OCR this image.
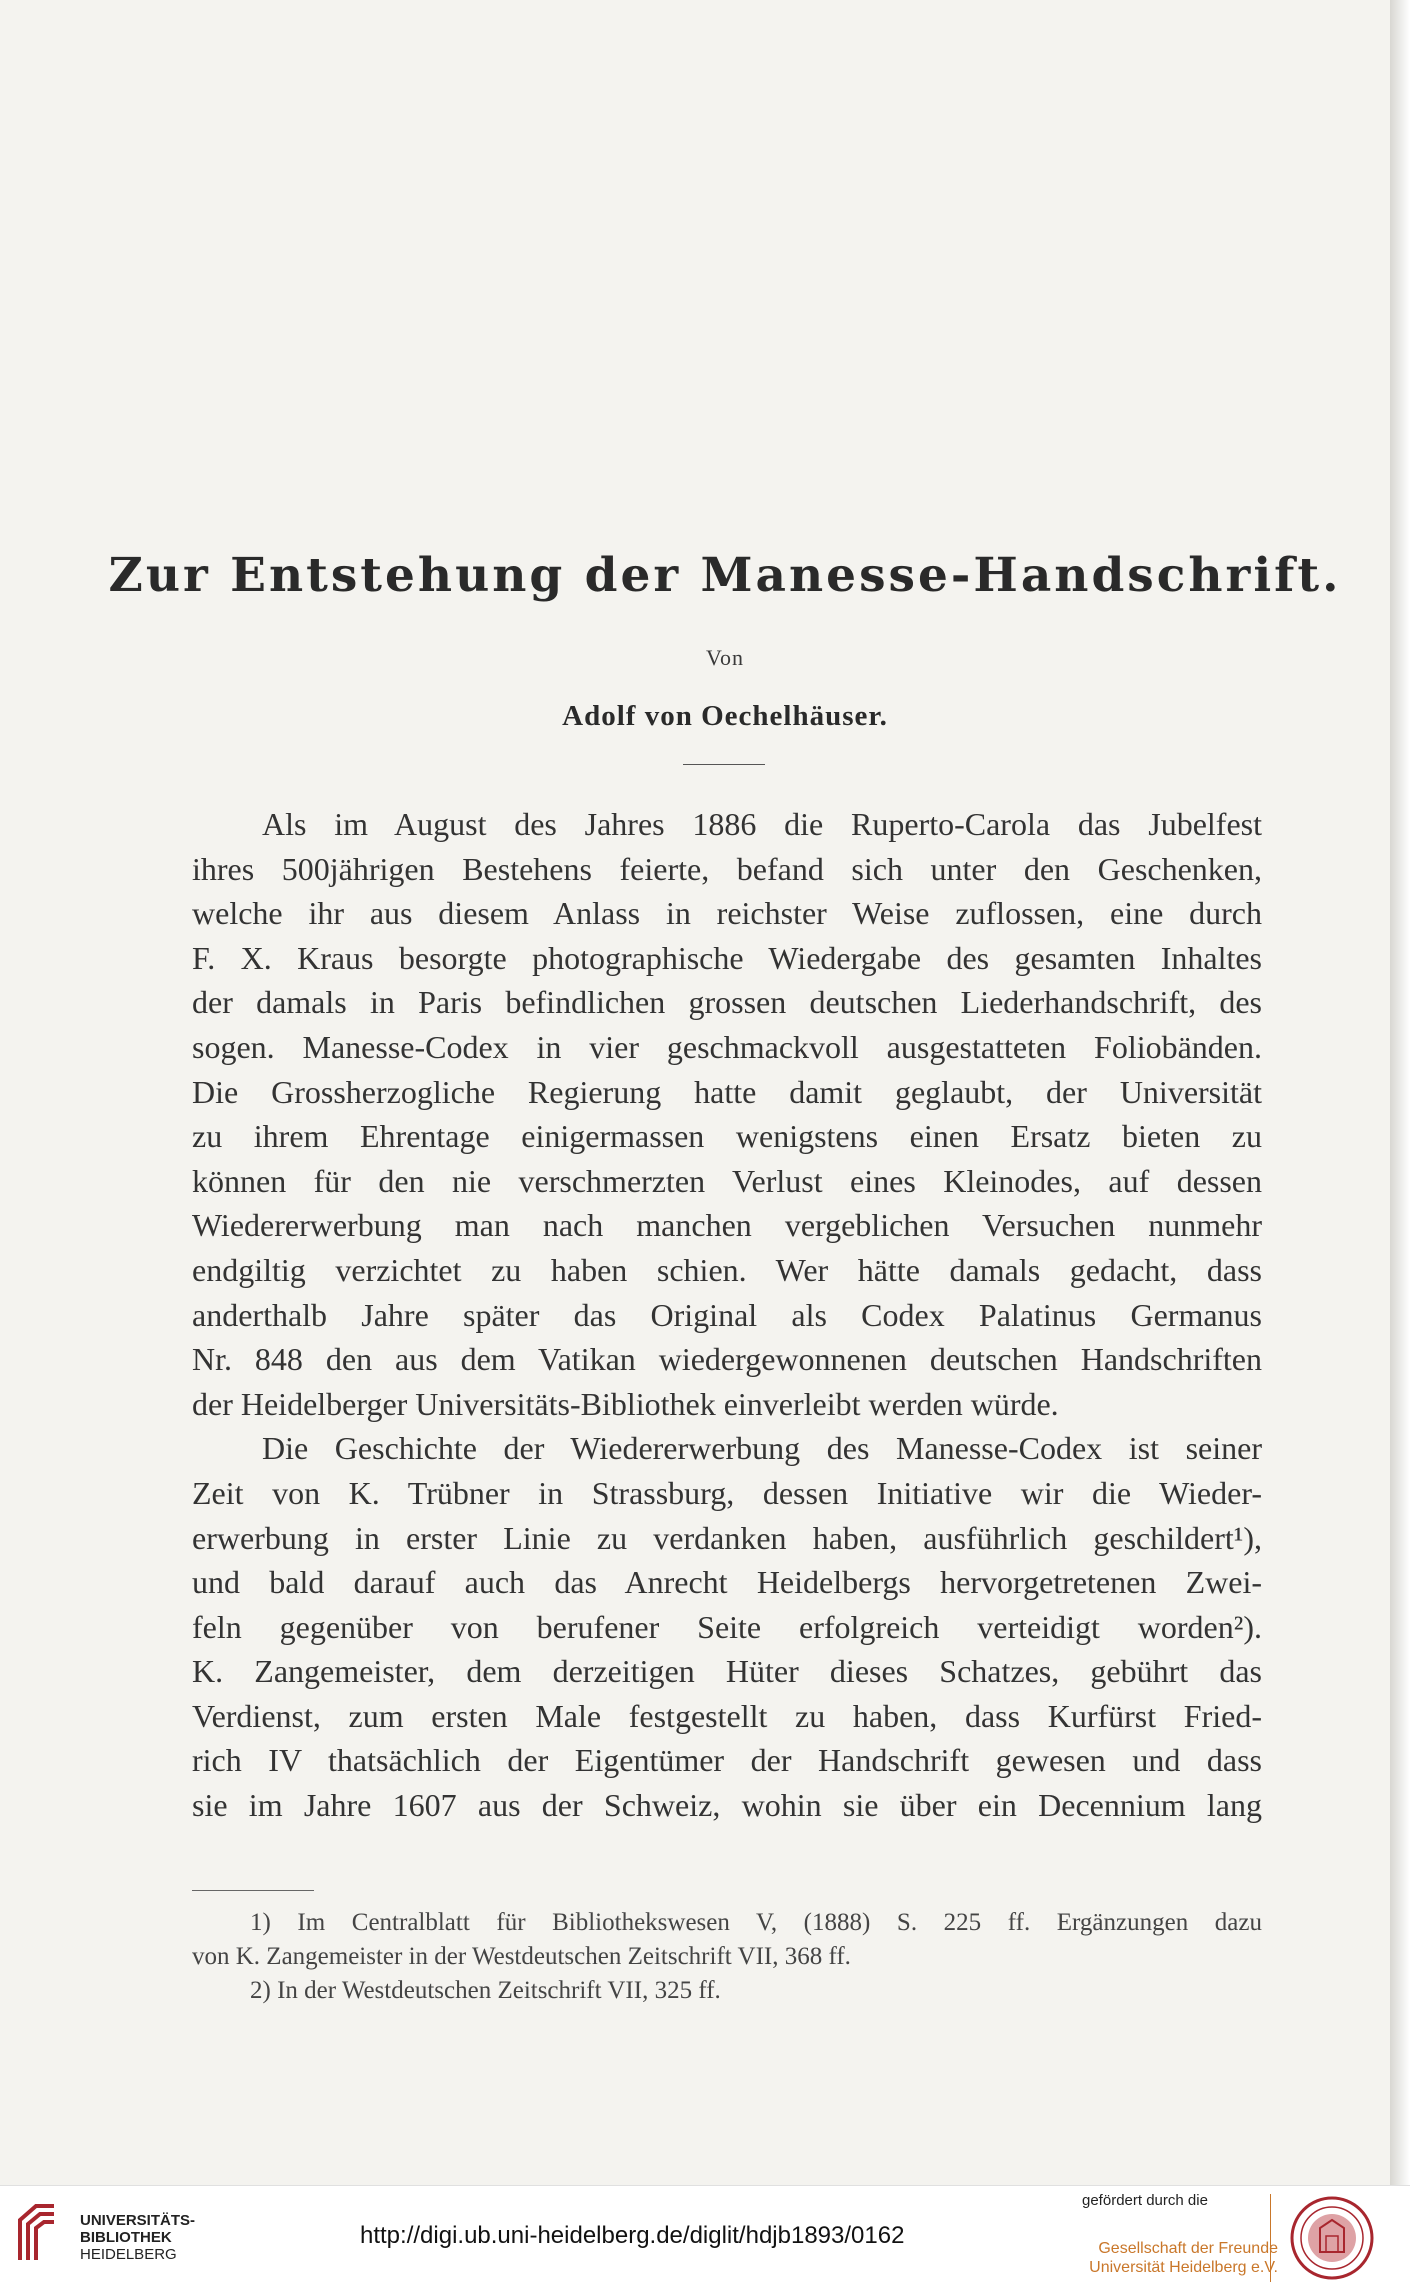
Zur Entstehung der Manesse-Handschrift.
Von
Adolf von Oechelhäuser.
Als im August des Jahres 1886 die Ruperto-Carola das Jubelfest
ihres 500jährigen Bestehens feierte, befand sich unter den Geschenken,
welche ihr aus diesem Anlass in reichster Weise zuflossen, eine durch
F. X. Kraus besorgte photographische Wiedergabe des gesamten Inhaltes
der damals in Paris befindlichen grossen deutschen Liederhandschrift, des
sogen. Manesse-Codex in vier geschmackvoll ausgestatteten Foliobänden.
Die Grossherzogliche Regierung hatte damit geglaubt, der Universität
zu ihrem Ehrentage einigermassen wenigstens einen Ersatz bieten zu
können für den nie verschmerzten Verlust eines Kleinodes, auf dessen
Wiedererwerbung man nach manchen vergeblichen Versuchen nunmehr
endgiltig verzichtet zu haben schien. Wer hätte damals gedacht, dass
anderthalb Jahre später das Original als Codex Palatinus Germanus
Nr. 848 den aus dem Vatikan wiedergewonnenen deutschen Handschriften
der Heidelberger Universitäts-Bibliothek einverleibt werden würde.
Die Geschichte der Wiedererwerbung des Manesse-Codex ist seiner
Zeit von K. Trübner in Strassburg, dessen Initiative wir die Wieder-
erwerbung in erster Linie zu verdanken haben, ausführlich geschildert¹),
und bald darauf auch das Anrecht Heidelbergs hervorgetretenen Zwei-
feln gegenüber von berufener Seite erfolgreich verteidigt worden²).
K. Zangemeister, dem derzeitigen Hüter dieses Schatzes, gebührt das
Verdienst, zum ersten Male festgestellt zu haben, dass Kurfürst Fried-
rich IV thatsächlich der Eigentümer der Handschrift gewesen und dass
sie im Jahre 1607 aus der Schweiz, wohin sie über ein Decennium lang
1) Im Centralblatt für Bibliothekswesen V, (1888) S. 225 ff. Ergänzungen dazu
von K. Zangemeister in der Westdeutschen Zeitschrift VII, 368 ff.
2) In der Westdeutschen Zeitschrift VII, 325 ff.
UNIVERSITÄTS-
BIBLIOTHEK
HEIDELBERG
http://digi.ub.uni-heidelberg.de/diglit/hdjb1893/0162
gefördert durch die
Gesellschaft der Freunde
Universität Heidelberg e.V.
